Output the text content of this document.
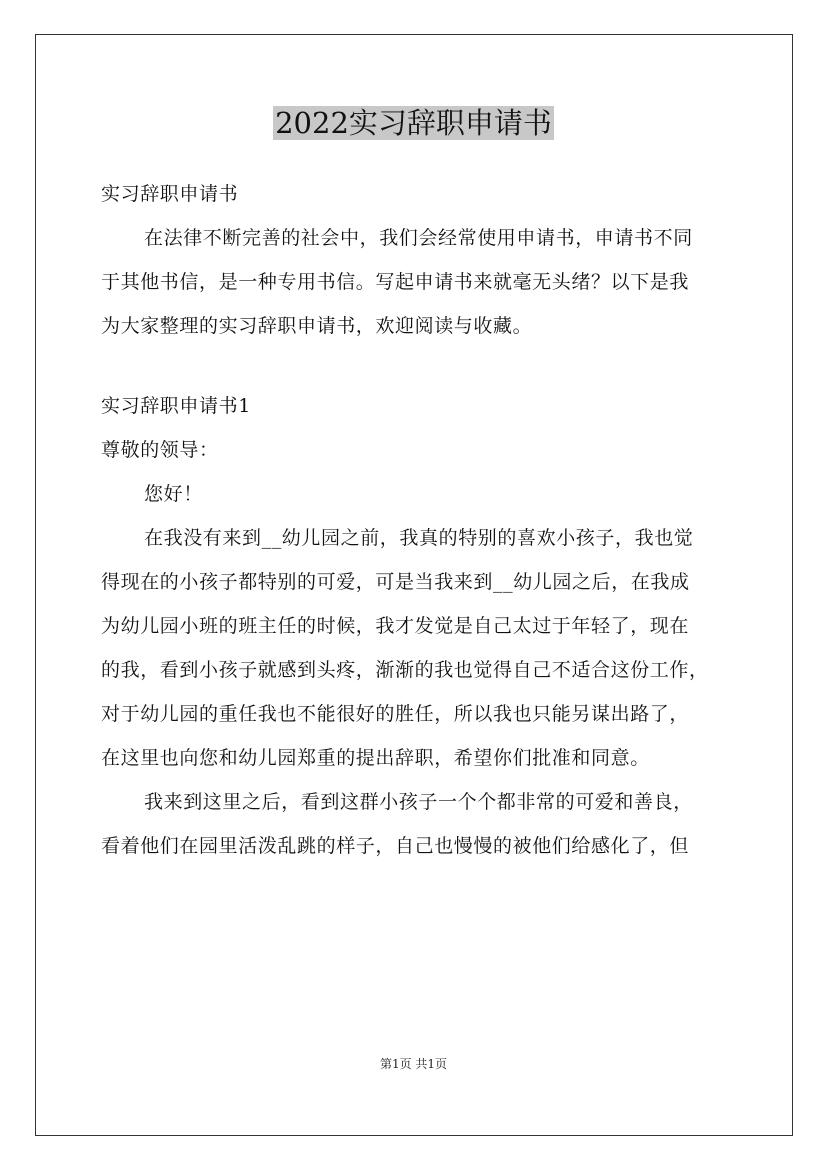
2022实习辞职申请书
实习辞职申请书
在法律不断完善的社会中，我们会经常使用申请书，申请书不同
于其他书信，是一种专用书信。写起申请书来就毫无头绪？以下是我
为大家整理的实习辞职申请书，欢迎阅读与收藏。
实习辞职申请书1
尊敬的领导：
您好！
在我没有来到__幼儿园之前，我真的特别的喜欢小孩子，我也觉
得现在的小孩子都特别的可爱，可是当我来到__幼儿园之后，在我成
为幼儿园小班的班主任的时候，我才发觉是自己太过于年轻了，现在
的我，看到小孩子就感到头疼，渐渐的我也觉得自己不适合这份工作，
对于幼儿园的重任我也不能很好的胜任，所以我也只能另谋出路了，
在这里也向您和幼儿园郑重的提出辞职，希望你们批准和同意。
我来到这里之后，看到这群小孩子一个个都非常的可爱和善良，
看着他们在园里活泼乱跳的样子，自己也慢慢的被他们给感化了，但
第1页 共1页
